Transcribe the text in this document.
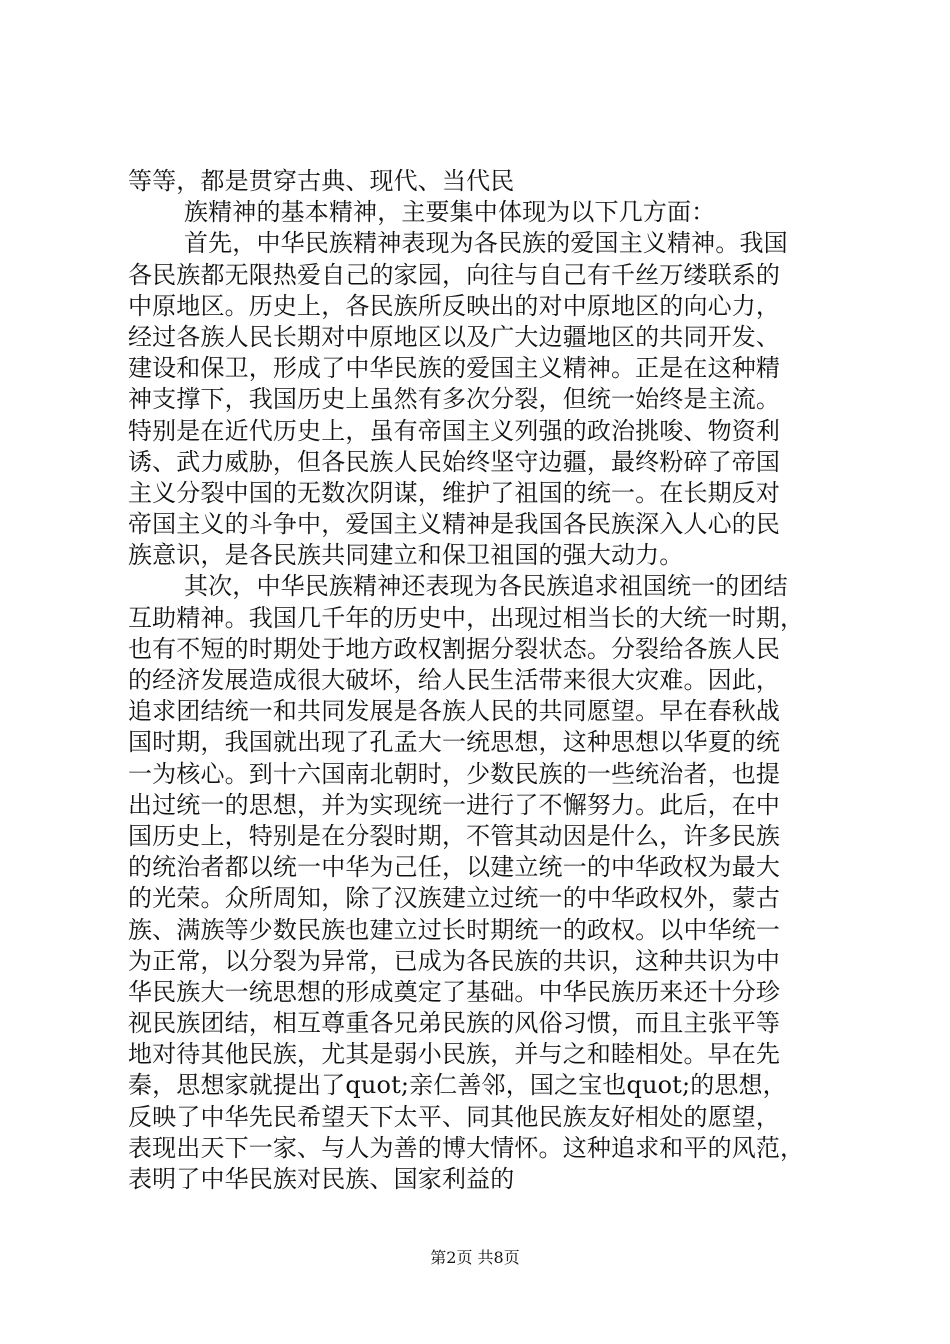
等等，都是贯穿古典、现代、当代民
族精神的基本精神，主要集中体现为以下几方面：
首先，中华民族精神表现为各民族的爱国主义精神。我国
各民族都无限热爱自己的家园，向往与自己有千丝万缕联系的
中原地区。历史上，各民族所反映出的对中原地区的向心力，
经过各族人民长期对中原地区以及广大边疆地区的共同开发、
建设和保卫，形成了中华民族的爱国主义精神。正是在这种精
神支撑下，我国历史上虽然有多次分裂，但统一始终是主流。
特别是在近代历史上，虽有帝国主义列强的政治挑唆、物资利
诱、武力威胁，但各民族人民始终坚守边疆，最终粉碎了帝国
主义分裂中国的无数次阴谋，维护了祖国的统一。在长期反对
帝国主义的斗争中，爱国主义精神是我国各民族深入人心的民
族意识，是各民族共同建立和保卫祖国的强大动力。
其次，中华民族精神还表现为各民族追求祖国统一的团结
互助精神。我国几千年的历史中，出现过相当长的大统一时期，
也有不短的时期处于地方政权割据分裂状态。分裂给各族人民
的经济发展造成很大破坏，给人民生活带来很大灾难。因此，
追求团结统一和共同发展是各族人民的共同愿望。早在春秋战
国时期，我国就出现了孔孟大一统思想，这种思想以华夏的统
一为核心。到十六国南北朝时，少数民族的一些统治者，也提
出过统一的思想，并为实现统一进行了不懈努力。此后，在中
国历史上，特别是在分裂时期，不管其动因是什么，许多民族
的统治者都以统一中华为己任，以建立统一的中华政权为最大
的光荣。众所周知，除了汉族建立过统一的中华政权外，蒙古
族、满族等少数民族也建立过长时期统一的政权。以中华统一
为正常，以分裂为异常，已成为各民族的共识，这种共识为中
华民族大一统思想的形成奠定了基础。中华民族历来还十分珍
视民族团结，相互尊重各兄弟民族的风俗习惯，而且主张平等
地对待其他民族，尤其是弱小民族，并与之和睦相处。早在先
秦，思想家就提出了quot;亲仁善邻，国之宝也quot;的思想，
反映了中华先民希望天下太平、同其他民族友好相处的愿望，
表现出天下一家、与人为善的博大情怀。这种追求和平的风范，
表明了中华民族对民族、国家利益的
第2页 共8页
